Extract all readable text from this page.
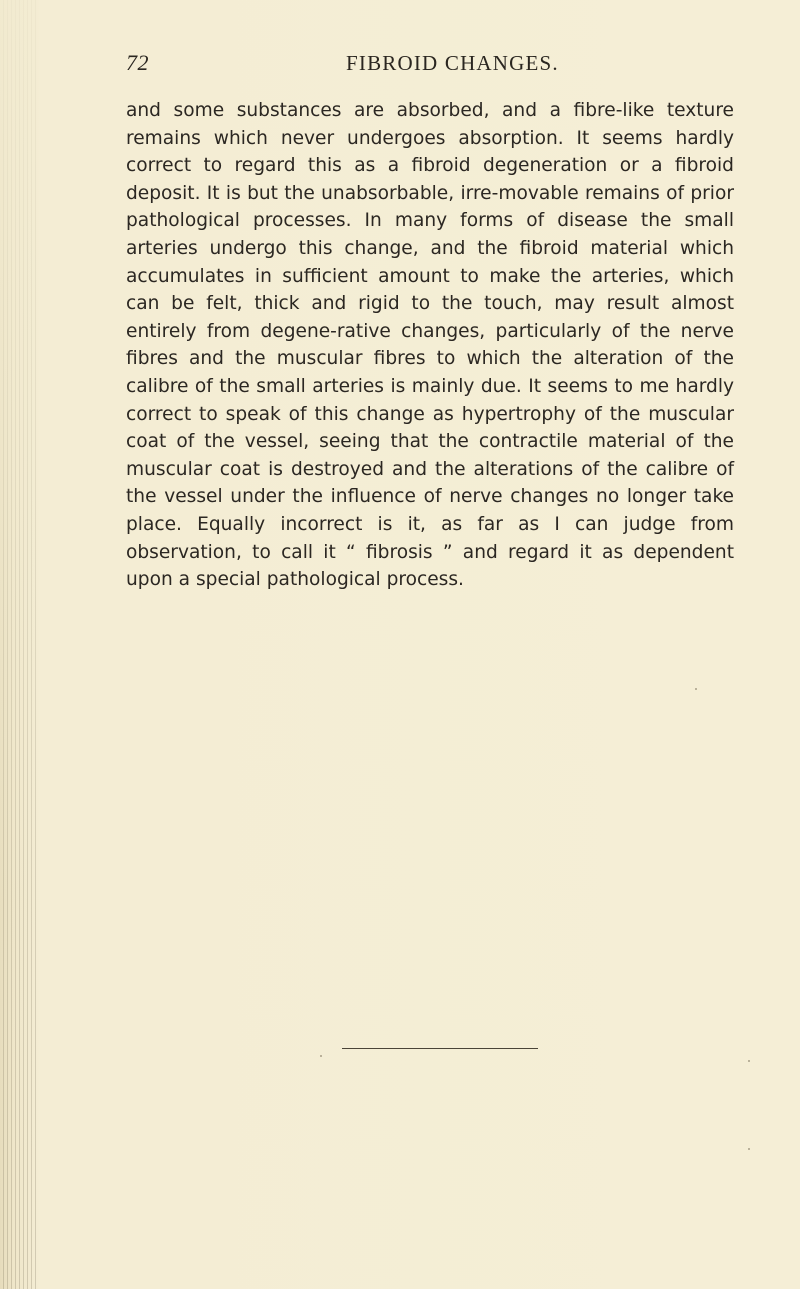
72	FIBROID CHANGES.

and some substances are absorbed, and a fibre-like texture remains which never undergoes absorption. It seems hardly correct to regard this as a fibroid degeneration or a fibroid deposit. It is but the unabsorbable, irre-movable remains of prior pathological processes. In many forms of disease the small arteries undergo this change, and the fibroid material which accumulates in sufficient amount to make the arteries, which can be felt, thick and rigid to the touch, may result almost entirely from degene-rative changes, particularly of the nerve fibres and the muscular fibres to which the alteration of the calibre of the small arteries is mainly due. It seems to me hardly correct to speak of this change as hypertrophy of the muscular coat of the vessel, seeing that the contractile material of the muscular coat is destroyed and the alterations of the calibre of the vessel under the influence of nerve changes no longer take place. Equally incorrect is it, as far as I can judge from observation, to call it “ fibrosis ” and regard it as dependent upon a special pathological process.
